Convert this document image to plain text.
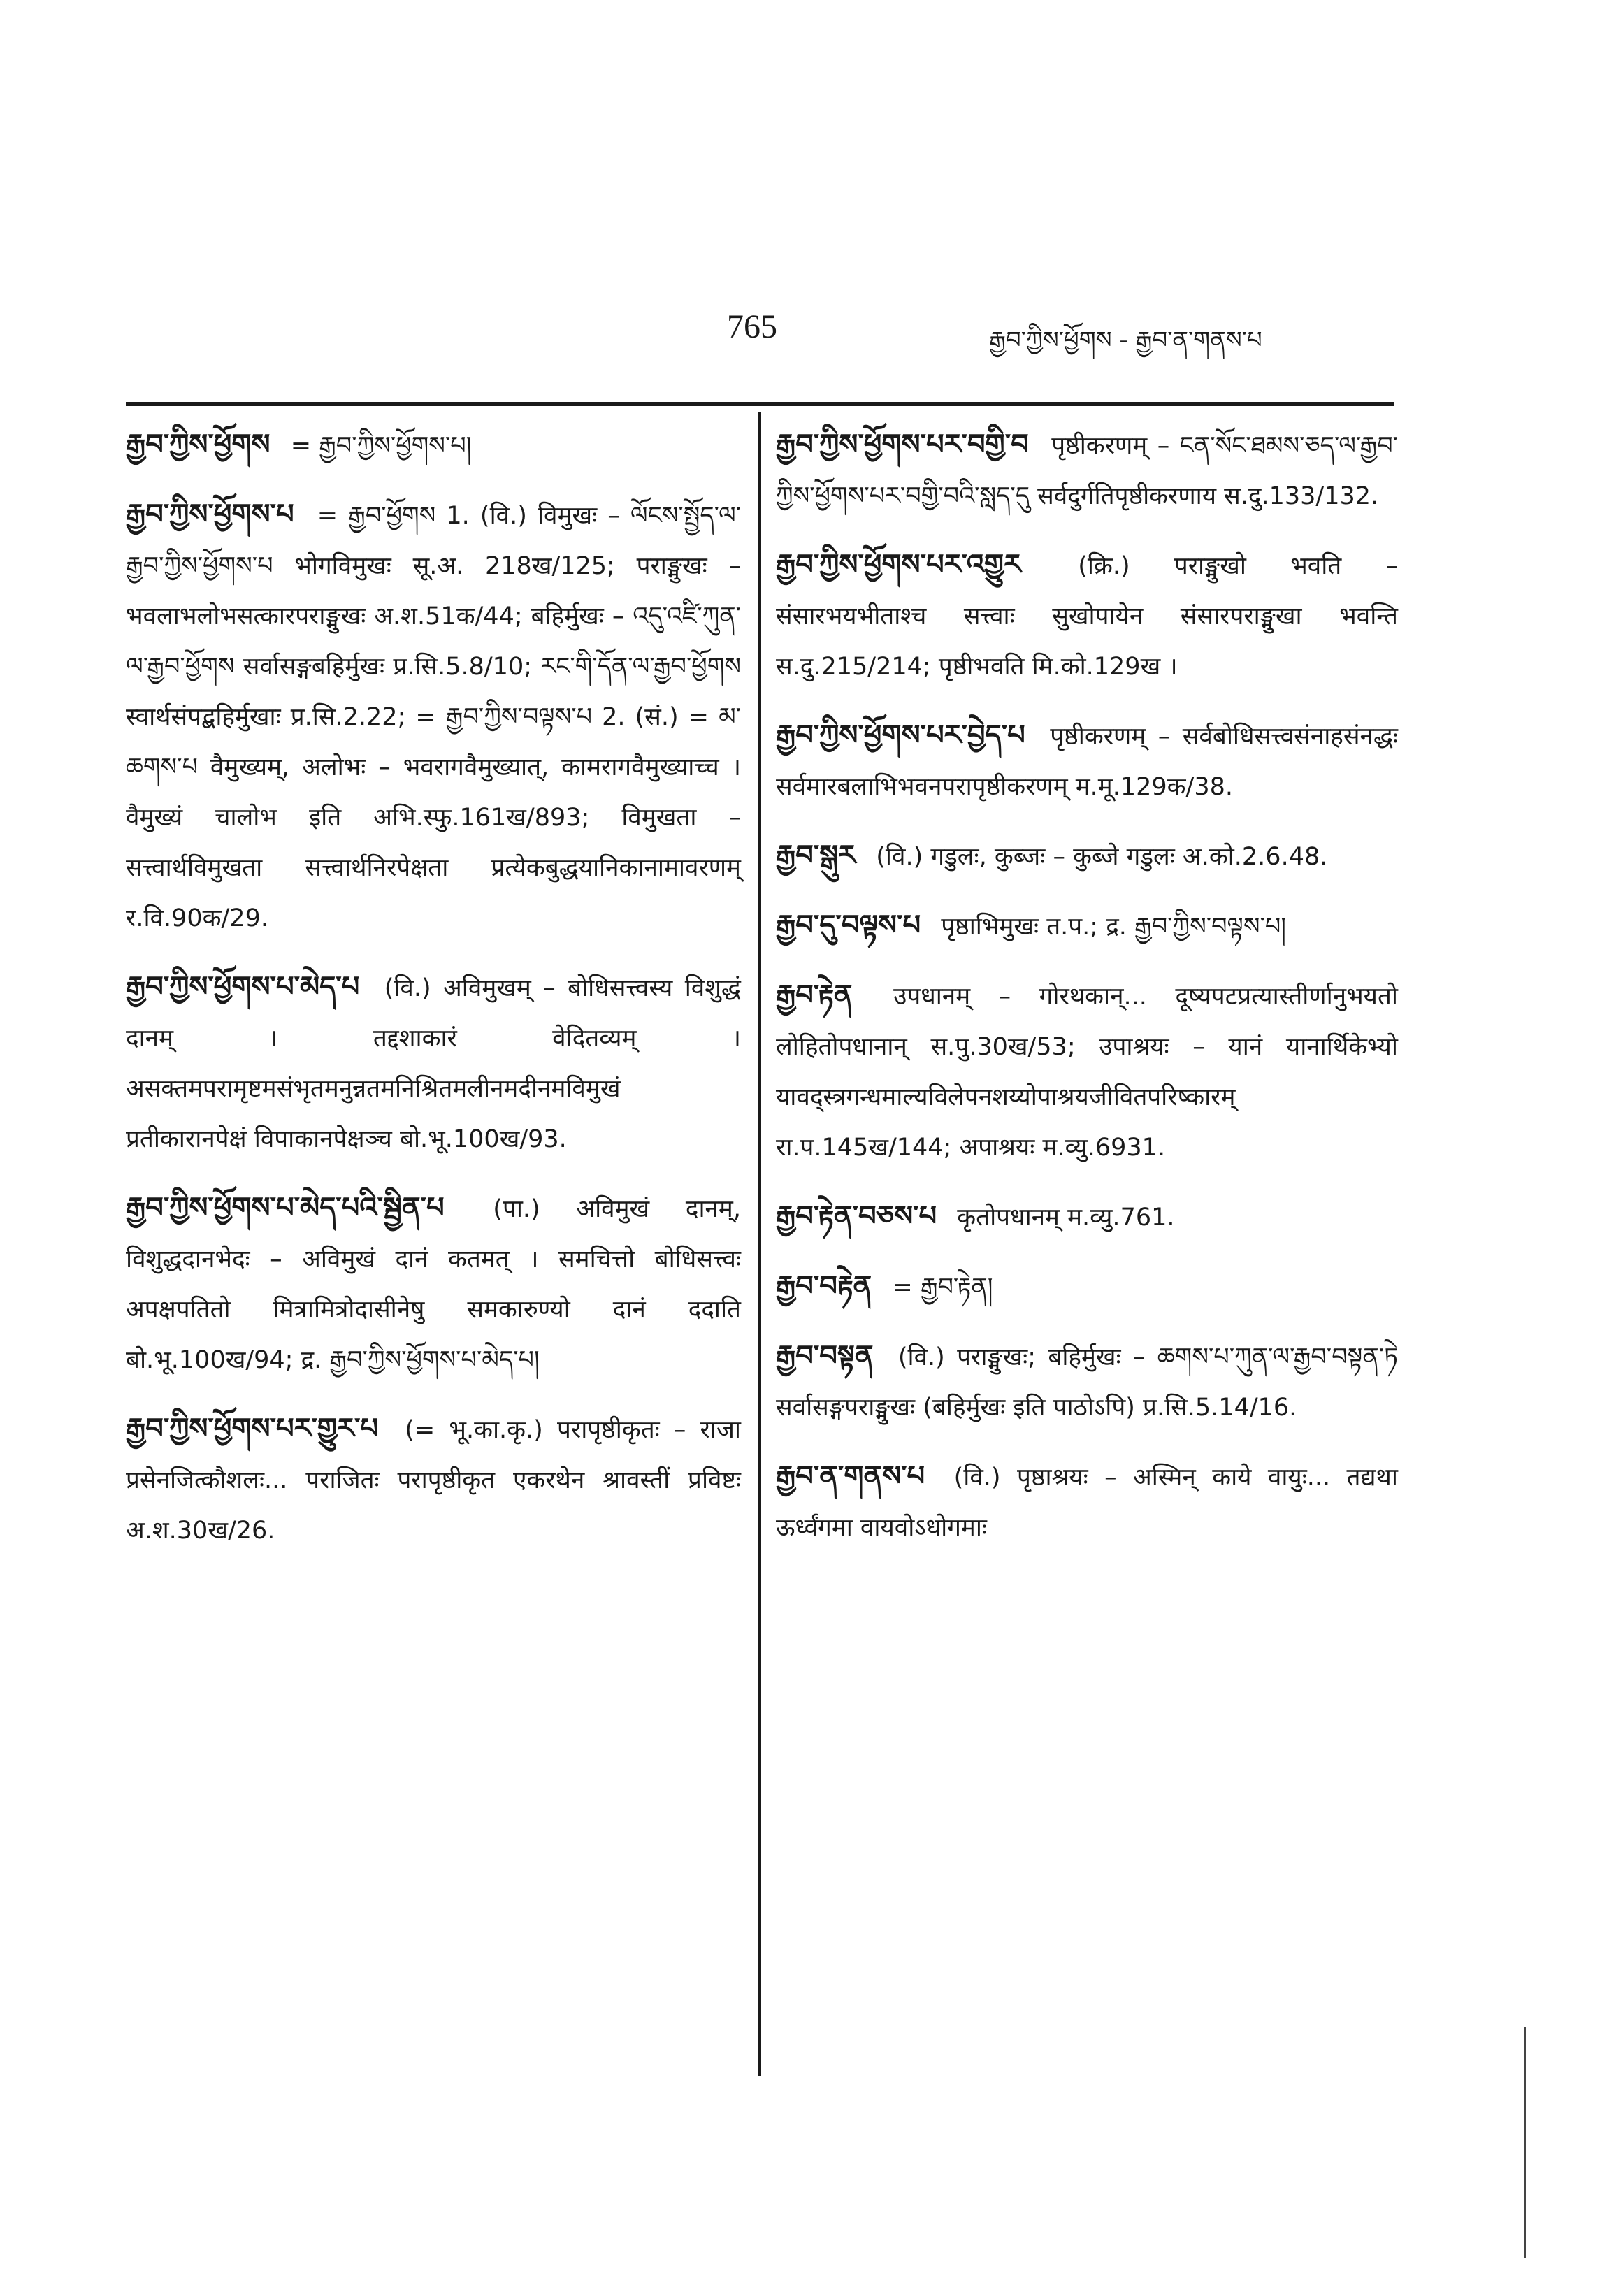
765	རྒྱབ་ཀྱིས་ཕྱོགས - རྒྱབ་ན་གནས་པ
རྒྱབ་ཀྱིས་ཕྱོགས = རྒྱབ་ཀྱིས་ཕྱོགས་པ།
རྒྱབ་ཀྱིས་ཕྱོགས་པ = རྒྱབ་ཕྱོགས 1. (वि.) विमुखः – ལོངས་སྤྱོད་ལ་རྒྱབ་ཀྱིས་ཕྱོགས་པ भोगविमुखः सू.अ. 218ख/125; पराङ्मुखः – भवलाभलोभसत्कारपराङ्मुखः अ.श.51क/44; बहिर्मुखः – འདུ་འཛི་ཀུན་ལ་རྒྱབ་ཕྱོགས सर्वासङ्गबहिर्मुखः प्र.सि.5.8/10; རང་གི་དོན་ལ་རྒྱབ་ཕྱོགས स्वार्थसंपद्बहिर्मुखाः प्र.सि.2.22; = རྒྱབ་ཀྱིས་བལྟས་པ 2. (सं.) = མ་ཆགས་པ वैमुख्यम्, अलोभः – भवरागवैमुख्यात्, कामरागवैमुख्याच्च । वैमुख्यं चालोभ इति अभि.स्फु.161ख/893; विमुखता – सत्त्वार्थविमुखता सत्त्वार्थनिरपेक्षता प्रत्येकबुद्धयानिकानामावरणम् र.वि.90क/29.
རྒྱབ་ཀྱིས་ཕྱོགས་པ་མེད་པ (वि.) अविमुखम् – बोधिसत्त्वस्य विशुद्धं दानम् । तद्दशाकारं वेदितव्यम् । असक्तमपरामृष्टमसंभृतमनुन्नतमनिश्रितमलीनमदीनमविमुखं प्रतीकारानपेक्षं विपाकानपेक्षञ्च बो.भू.100ख/93.
རྒྱབ་ཀྱིས་ཕྱོགས་པ་མེད་པའི་སྦྱིན་པ (पा.) अविमुखं दानम्, विशुद्धदानभेदः – अविमुखं दानं कतमत् । समचित्तो बोधिसत्त्वः अपक्षपतितो मित्रामित्रोदासीनेषु समकारुण्यो दानं ददाति बो.भू.100ख/94; द्र. རྒྱབ་ཀྱིས་ཕྱོགས་པ་མེད་པ།
རྒྱབ་ཀྱིས་ཕྱོགས་པར་གྱུར་པ (= भू.का.कृ.) परापृष्ठीकृतः – राजा प्रसेनजित्कौशलः... पराजितः परापृष्ठीकृत एकरथेन श्रावस्तीं प्रविष्टः अ.श.30ख/26.
རྒྱབ་ཀྱིས་ཕྱོགས་པར་བགྱི་བ पृष्ठीकरणम् – ངན་སོང་ཐམས་ཅད་ལ་རྒྱབ་ཀྱིས་ཕྱོགས་པར་བགྱི་བའི་སླད་དུ सर्वदुर्गतिपृष्ठीकरणाय स.दु.133/132.
རྒྱབ་ཀྱིས་ཕྱོགས་པར་འགྱུར (क्रि.) पराङ्मुखो भवति – संसारभयभीताश्च सत्त्वाः सुखोपायेन संसारपराङ्मुखा भवन्ति स.दु.215/214; पृष्ठीभवति मि.को.129ख ।
རྒྱབ་ཀྱིས་ཕྱོགས་པར་བྱེད་པ पृष्ठीकरणम् – सर्वबोधिसत्त्वसंनाहसंनद्धः सर्वमारबलाभिभवनपरापृष्ठीकरणम् म.मू.129क/38.
རྒྱབ་སྒུར (वि.) गडुलः, कुब्जः – कुब्जे गडुलः अ.को.2.6.48.
རྒྱབ་དུ་བལྟས་པ पृष्ठाभिमुखः त.प.; द्र. རྒྱབ་ཀྱིས་བལྟས་པ།
རྒྱབ་རྟེན उपधानम् – गोरथकान्... दूष्यपटप्रत्यास्तीर्णानुभयतो लोहितोपधानान् स.पु.30ख/53; उपाश्रयः – यानं यानार्थिकेभ्यो यावद्स्त्रगन्धमाल्यविलेपनशय्योपाश्रयजीवितपरिष्कारम् रा.प.145ख/144; अपाश्रयः म.व्यु.6931.
རྒྱབ་རྟེན་བཅས་པ कृतोपधानम् म.व्यु.761.
རྒྱབ་བརྟེན = རྒྱབ་རྟེན།
རྒྱབ་བསྟན (वि.) पराङ्मुखः; बहिर्मुखः – ཆགས་པ་ཀུན་ལ་རྒྱབ་བསྟན་ཏེ सर्वासङ्गपराङ्मुखः (बहिर्मुखः इति पाठोऽपि) प्र.सि.5.14/16.
རྒྱབ་ན་གནས་པ (वि.) पृष्ठाश्रयः – अस्मिन् काये वायुः... तद्यथा ऊर्ध्वंगमा वायवोऽधोगमाः
